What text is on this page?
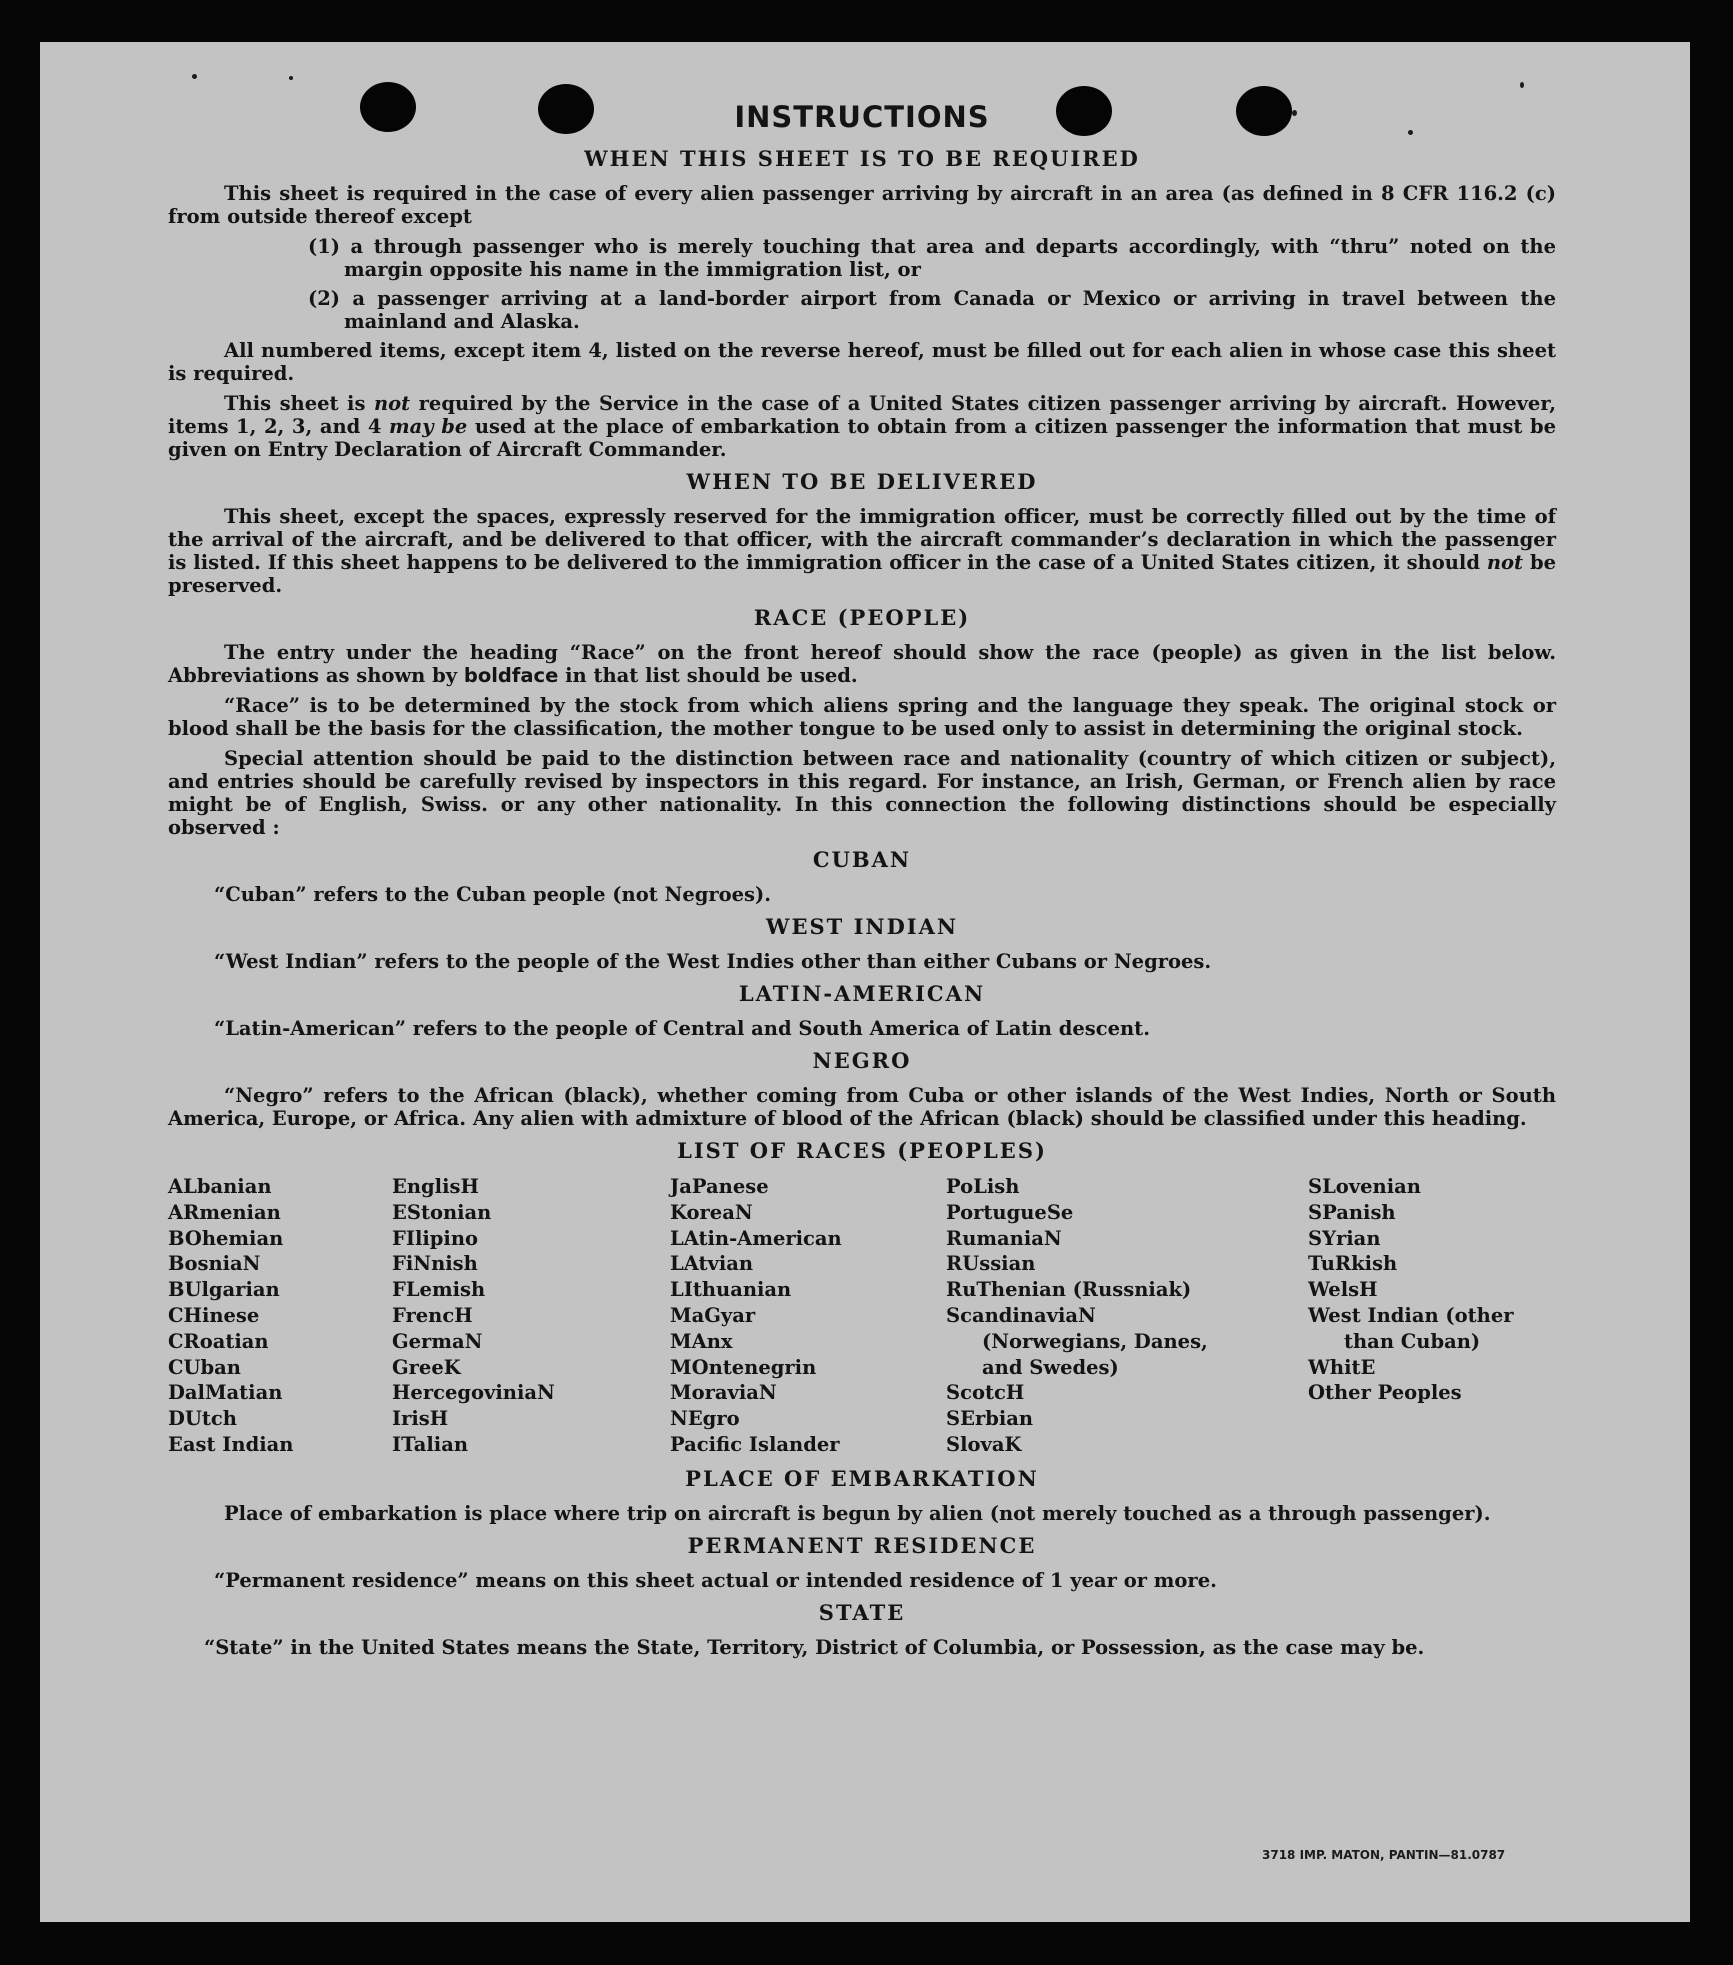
INSTRUCTIONS
WHEN THIS SHEET IS TO BE REQUIRED

This sheet is required in the case of every alien passenger arriving by aircraft in an area (as defined in 8 CFR 116.2 (c) from outside thereof except

(1) a through passenger who is merely touching that area and departs accordingly, with “thru” noted on the margin opposite his name in the immigration list, or
(2) a passenger arriving at a land-border airport from Canada or Mexico or arriving in travel between the mainland and Alaska.

All numbered items, except item 4, listed on the reverse hereof, must be filled out for each alien in whose case this sheet is required.

This sheet is not required by the Service in the case of a United States citizen passenger arriving by aircraft. However, items 1, 2, 3, and 4 may be used at the place of embarkation to obtain from a citizen passenger the information that must be given on Entry Declaration of Aircraft Commander.

WHEN TO BE DELIVERED

This sheet, except the spaces, expressly reserved for the immigration officer, must be correctly filled out by the time of the arrival of the aircraft, and be delivered to that officer, with the aircraft commander’s declaration in which the passenger is listed. If this sheet happens to be delivered to the immigration officer in the case of a United States citizen, it should not be preserved.

RACE (PEOPLE)

The entry under the heading “Race” on the front hereof should show the race (people) as given in the list below. Abbreviations as shown by boldface in that list should be used.

“Race” is to be determined by the stock from which aliens spring and the language they speak. The original stock or blood shall be the basis for the classification, the mother tongue to be used only to assist in determining the original stock.

Special attention should be paid to the distinction between race and nationality (country of which citizen or subject), and entries should be carefully revised by inspectors in this regard. For instance, an Irish, German, or French alien by race might be of English, Swiss. or any other nationality. In this connection the following distinctions should be especially observed :

CUBAN

“Cuban” refers to the Cuban people (not Negroes).

WEST INDIAN

“West Indian” refers to the people of the West Indies other than either Cubans or Negroes.

LATIN-AMERICAN

“Latin-American” refers to the people of Central and South America of Latin descent.

NEGRO

“Negro” refers to the African (black), whether coming from Cuba or other islands of the West Indies, North or South America, Europe, or Africa. Any alien with admixture of blood of the African (black) should be classified under this heading.

LIST OF RACES (PEOPLES)
ALbanian
ARmenian
BOhemian
BosniaN
BUlgarian
CHinese
CRoatian
CUban
DalMatian
DUtch
East Indian
EnglisH
EStonian
FIlipino
FiNnish
FLemish
FrencH
GermaN
GreeK
HercegoviniaN
IrisH
ITalian
JaPanese
KoreaN
LAtin-American
LAtvian
LIthuanian
MaGyar
MAnx
MOntenegrin
MoraviaN
NEgro
Pacific Islander
PoLish
PortugueSe
RumaniaN
RUssian
RuThenian (Russniak)
ScandinaviaN (Norwegians, Danes, and Swedes)
ScotcH
SErbian
SlovaK
SLovenian
SPanish
SYrian
TuRkish
WelsH
West Indian (other than Cuban)
WhitE
Other Peoples
PLACE OF EMBARKATION

Place of embarkation is place where trip on aircraft is begun by alien (not merely touched as a through passenger).

PERMANENT RESIDENCE

“Permanent residence” means on this sheet actual or intended residence of 1 year or more.

STATE

“State” in the United States means the State, Territory, District of Columbia, or Possession, as the case may be.

3718 IMP. MATON, PANTIN—81.0787
